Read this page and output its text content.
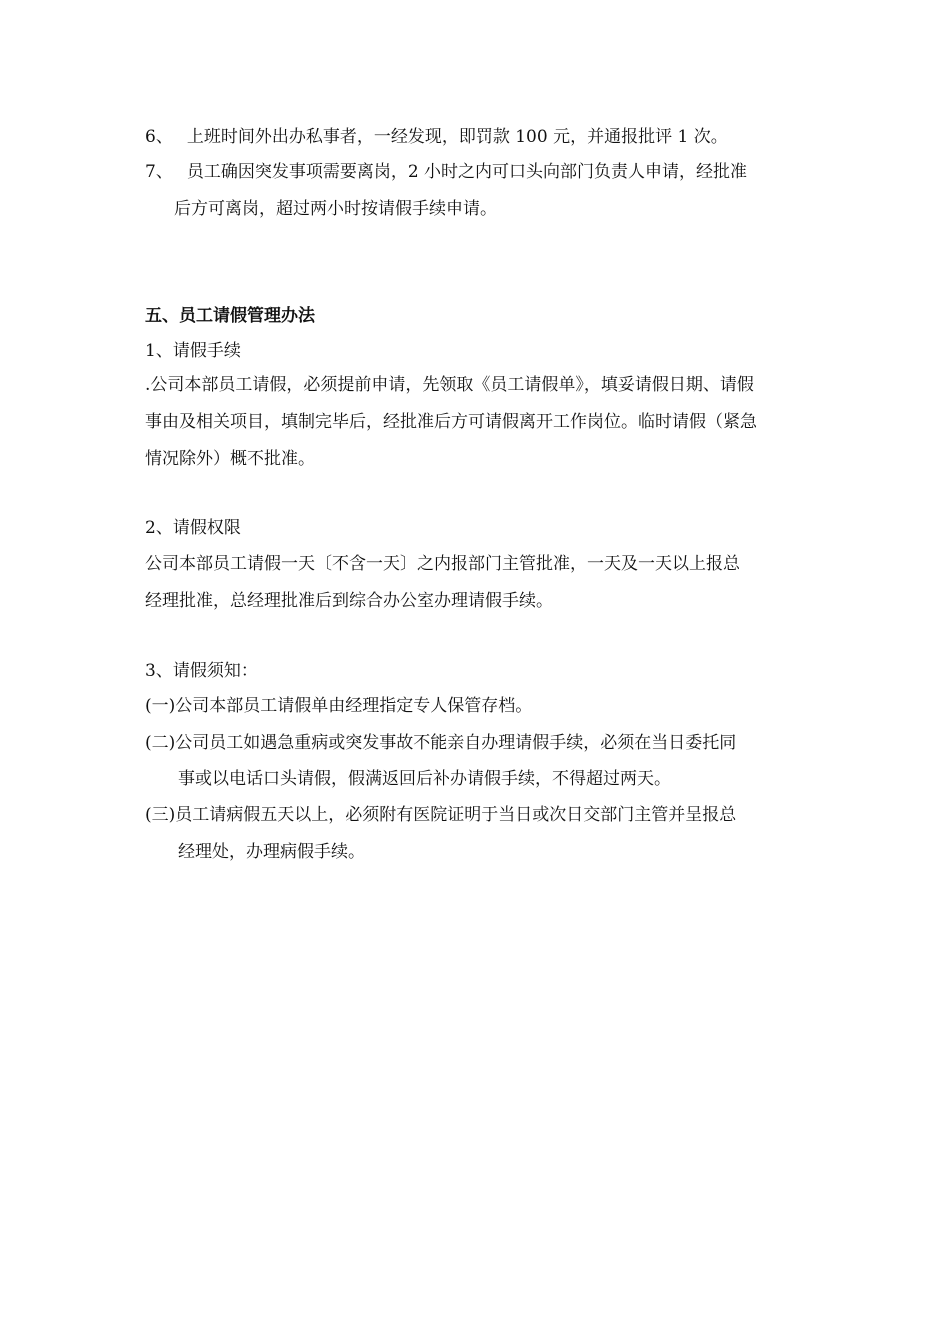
6、 上班时间外出办私事者，一经发现，即罚款 100 元，并通报批评 1 次。
7、 员工确因突发事项需要离岗，2 小时之内可口头向部门负责人申请，经批准
后方可离岗，超过两小时按请假手续申请。
五、员工请假管理办法
1、请假手续
.公司本部员工请假，必须提前申请，先领取《员工请假单》，填妥请假日期、请假
事由及相关项目，填制完毕后，经批准后方可请假离开工作岗位。临时请假（紧急
情况除外）概不批准。
2、请假权限
公司本部员工请假一天〔不含一天〕之内报部门主管批准，一天及一天以上报总
经理批准，总经理批准后到综合办公室办理请假手续。
3、请假须知：
(一)公司本部员工请假单由经理指定专人保管存档。
(二)公司员工如遇急重病或突发事故不能亲自办理请假手续，必须在当日委托同
事或以电话口头请假，假满返回后补办请假手续，不得超过两天。
(三)员工请病假五天以上，必须附有医院证明于当日或次日交部门主管并呈报总
经理处，办理病假手续。
